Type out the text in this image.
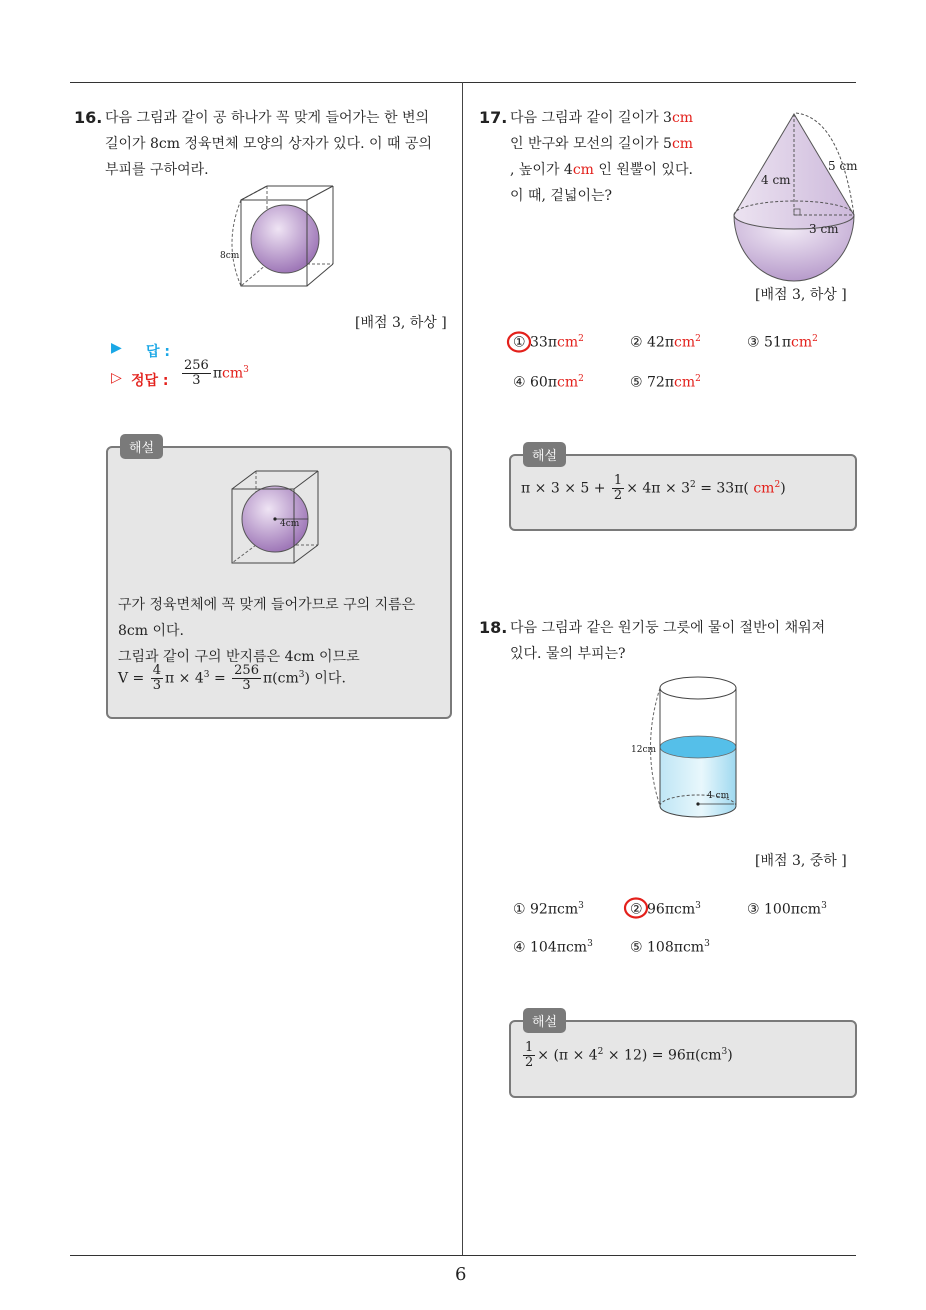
6
16. 다음 그림과 같이 공 하나가 꼭 맞게 들어가는 한 변의
길이가 8cm 정육면체 모양의 상자가 있다. 이 때 공의
부피를 구하여라.
8cm
[배점 3, 하상 ]
▶ 답 :
▷ 정답 : $\frac{256}{3} \pi cm^3$
해설
4cm
구가 정육면체에 꼭 맞게 들어가므로 구의 지름은
8cm 이다.
그림과 같이 구의 반지름은 4cm 이므로
$V = \frac{4}{3}$ $\pi \times 4^3 = \frac{256}{3} \pi(cm^3)$ 이다.
17. 다음 그림과 같이 길이가 3cm
인 반구와 모선의 길이가 5cm
, 높이가 4cm 인 원뿔이 있다.
이 때, 겉넓이는?
4 cm
5 cm
3 cm
[배점 3, 하상 ]
① 33πcm$^2$	② 42πcm$^2$	③ 51πcm$^2$
④ 60πcm$^2$	⑤ 72πcm$^2$
해설
$\pi \times 3 \times 5 + \frac{1}{2} \times 4\pi \times 3^2 = 33\pi$( $cm^2$)
18. 다음 그림과 같은 원기둥 그릇에 물이 절반이 채워져
있다. 물의 부피는?
12cm
4 cm
[배점 3, 중하 ]
① 92πcm$^3$	② 96πcm$^3$	③ 100πcm$^3$
④ 104πcm$^3$	⑤ 108πcm$^3$
해설
$\frac{1}{2} \times (\pi \times 4^2 \times 12) = 96\pi(cm^3)$
